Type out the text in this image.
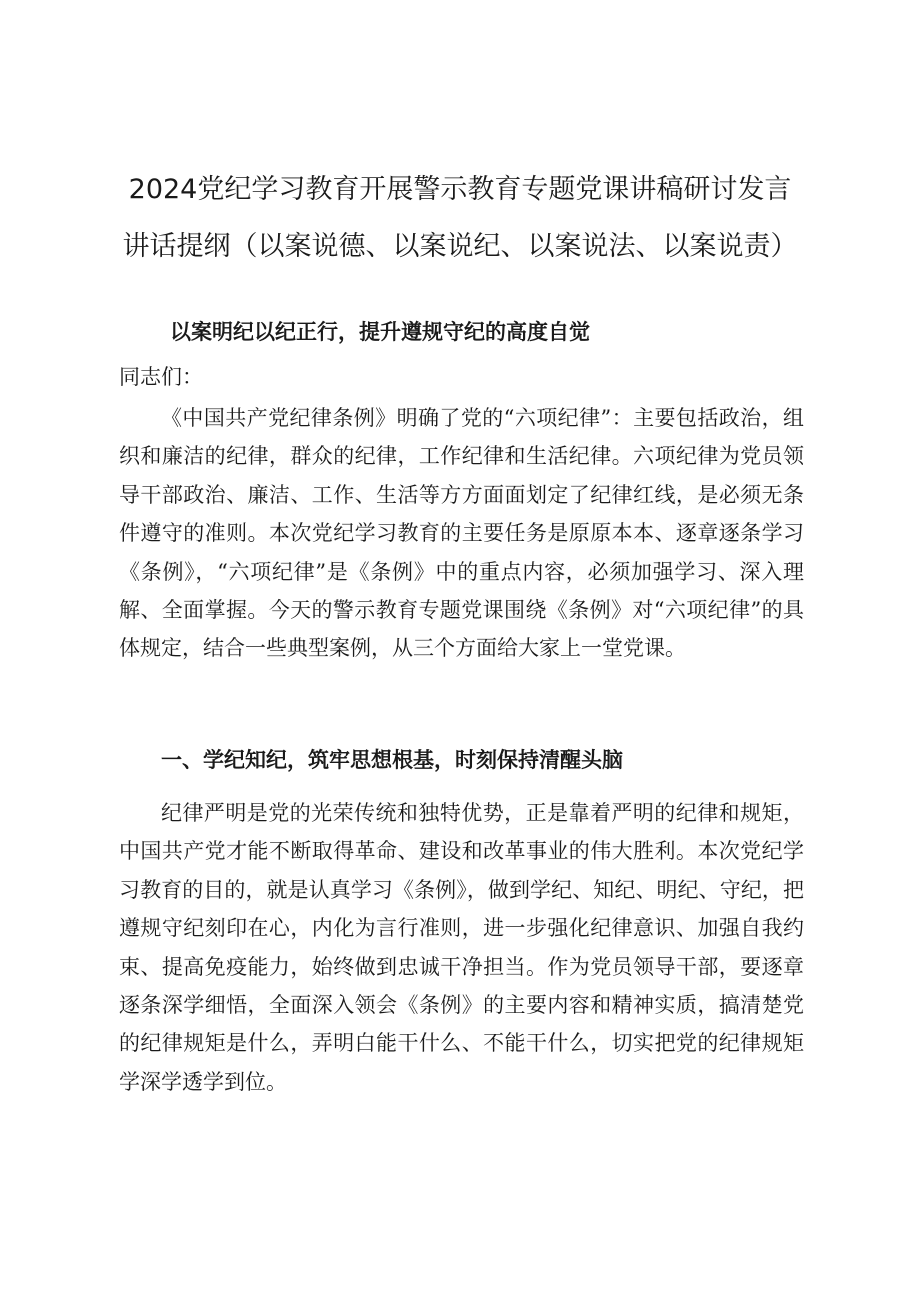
2024党纪学习教育开展警示教育专题党课讲稿研讨发言
讲话提纲（以案说德、以案说纪、以案说法、以案说责）
以案明纪以纪正行，提升遵规守纪的高度自觉

同志们：

《中国共产党纪律条例》明确了党的“六项纪律”：主要包括政治，组织和廉洁的纪律，群众的纪律，工作纪律和生活纪律。六项纪律为党员领导干部政治、廉洁、工作、生活等方方面面划定了纪律红线，是必须无条件遵守的准则。本次党纪学习教育的主要任务是原原本本、逐章逐条学习《条例》，“六项纪律”是《条例》中的重点内容，必须加强学习、深入理解、全面掌握。今天的警示教育专题党课围绕《条例》对“六项纪律”的具体规定，结合一些典型案例，从三个方面给大家上一堂党课。

一、学纪知纪，筑牢思想根基，时刻保持清醒头脑

纪律严明是党的光荣传统和独特优势，正是靠着严明的纪律和规矩，中国共产党才能不断取得革命、建设和改革事业的伟大胜利。本次党纪学习教育的目的，就是认真学习《条例》，做到学纪、知纪、明纪、守纪，把遵规守纪刻印在心，内化为言行准则，进一步强化纪律意识、加强自我约束、提高免疫能力，始终做到忠诚干净担当。作为党员领导干部，要逐章逐条深学细悟，全面深入领会《条例》的主要内容和精神实质，搞清楚党的纪律规矩是什么，弄明白能干什么、不能干什么，切实把党的纪律规矩学深学透学到位。
